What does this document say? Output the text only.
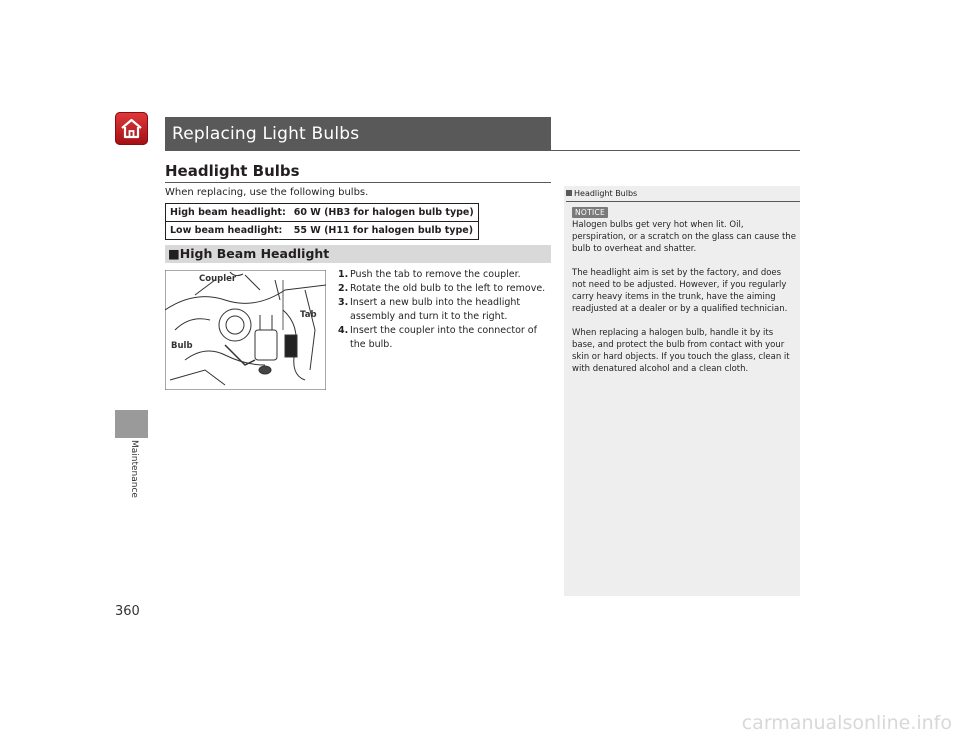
Maintenance
360
Replacing Light Bulbs
Headlight Bulbs
When replacing, use the following bulbs.
High beam headlight:	60 W (HB3 for halogen bulb type)
Low beam headlight:	55 W (H11 for halogen bulb type)
■High Beam Headlight
Coupler
Tab
Bulb
1. Push the tab to remove the coupler.
2. Rotate the old bulb to the left to remove.
3. Insert a new bulb into the headlight assembly and turn it to the right.
4. Insert the coupler into the connector of the bulb.
Headlight Bulbs
NOTICE
Halogen bulbs get very hot when lit. Oil, perspiration, or a scratch on the glass can cause the bulb to overheat and shatter.
The headlight aim is set by the factory, and does not need to be adjusted. However, if you regularly carry heavy items in the trunk, have the aiming readjusted at a dealer or by a qualified technician.
When replacing a halogen bulb, handle it by its base, and protect the bulb from contact with your skin or hard objects. If you touch the glass, clean it with denatured alcohol and a clean cloth.
carmanualsonline.info
